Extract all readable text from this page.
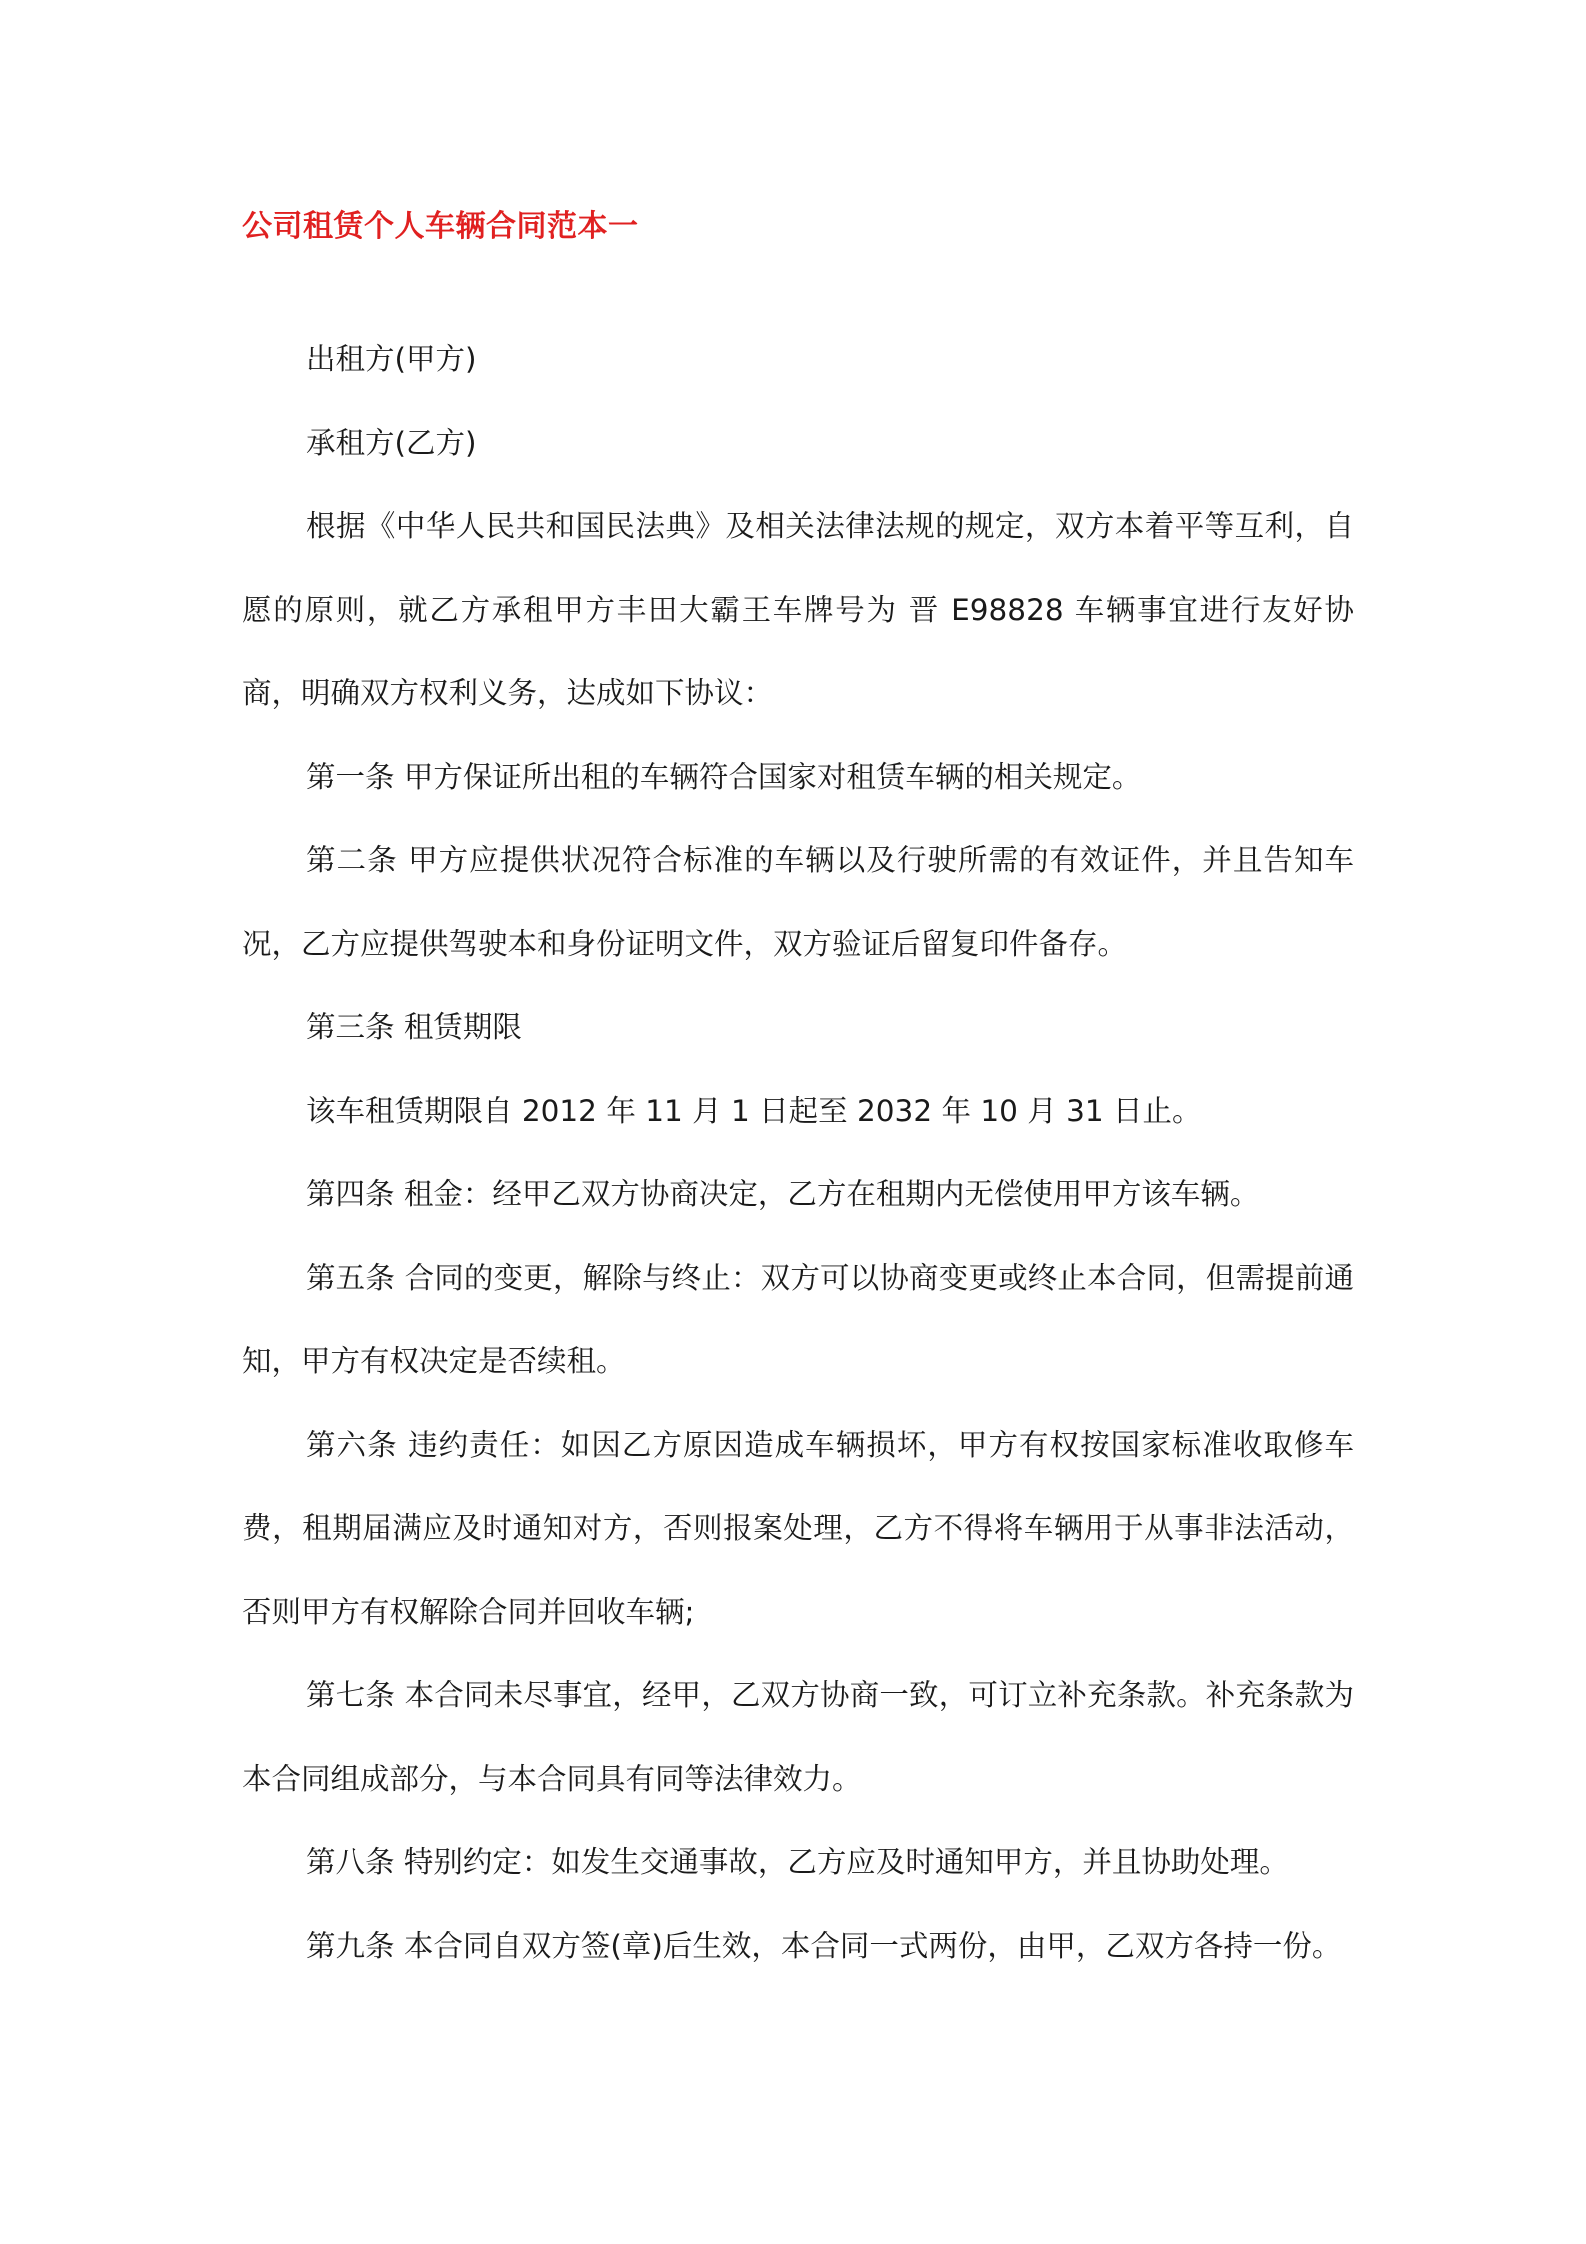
公司租赁个人车辆合同范本一

出租方(甲方)

承租方(乙方)

根据《中华人民共和国民法典》及相关法律法规的规定，双方本着平等互利，自愿的原则，就乙方承租甲方丰田大霸王车牌号为 晋 E98828 车辆事宜进行友好协商，明确双方权利义务，达成如下协议：

第一条 甲方保证所出租的车辆符合国家对租赁车辆的相关规定。

第二条 甲方应提供状况符合标准的车辆以及行驶所需的有效证件，并且告知车况，乙方应提供驾驶本和身份证明文件，双方验证后留复印件备存。

第三条 租赁期限

该车租赁期限自 2012 年 11 月 1 日起至 2032 年 10 月 31 日止。

第四条 租金：经甲乙双方协商决定，乙方在租期内无偿使用甲方该车辆。

第五条 合同的变更，解除与终止：双方可以协商变更或终止本合同，但需提前通知，甲方有权决定是否续租。

第六条 违约责任：如因乙方原因造成车辆损坏，甲方有权按国家标准收取修车费，租期届满应及时通知对方，否则报案处理，乙方不得将车辆用于从事非法活动，否则甲方有权解除合同并回收车辆;

第七条 本合同未尽事宜，经甲，乙双方协商一致，可订立补充条款。补充条款为本合同组成部分，与本合同具有同等法律效力。

第八条 特别约定：如发生交通事故，乙方应及时通知甲方，并且协助处理。

第九条 本合同自双方签(章)后生效，本合同一式两份，由甲，乙双方各持一份。
